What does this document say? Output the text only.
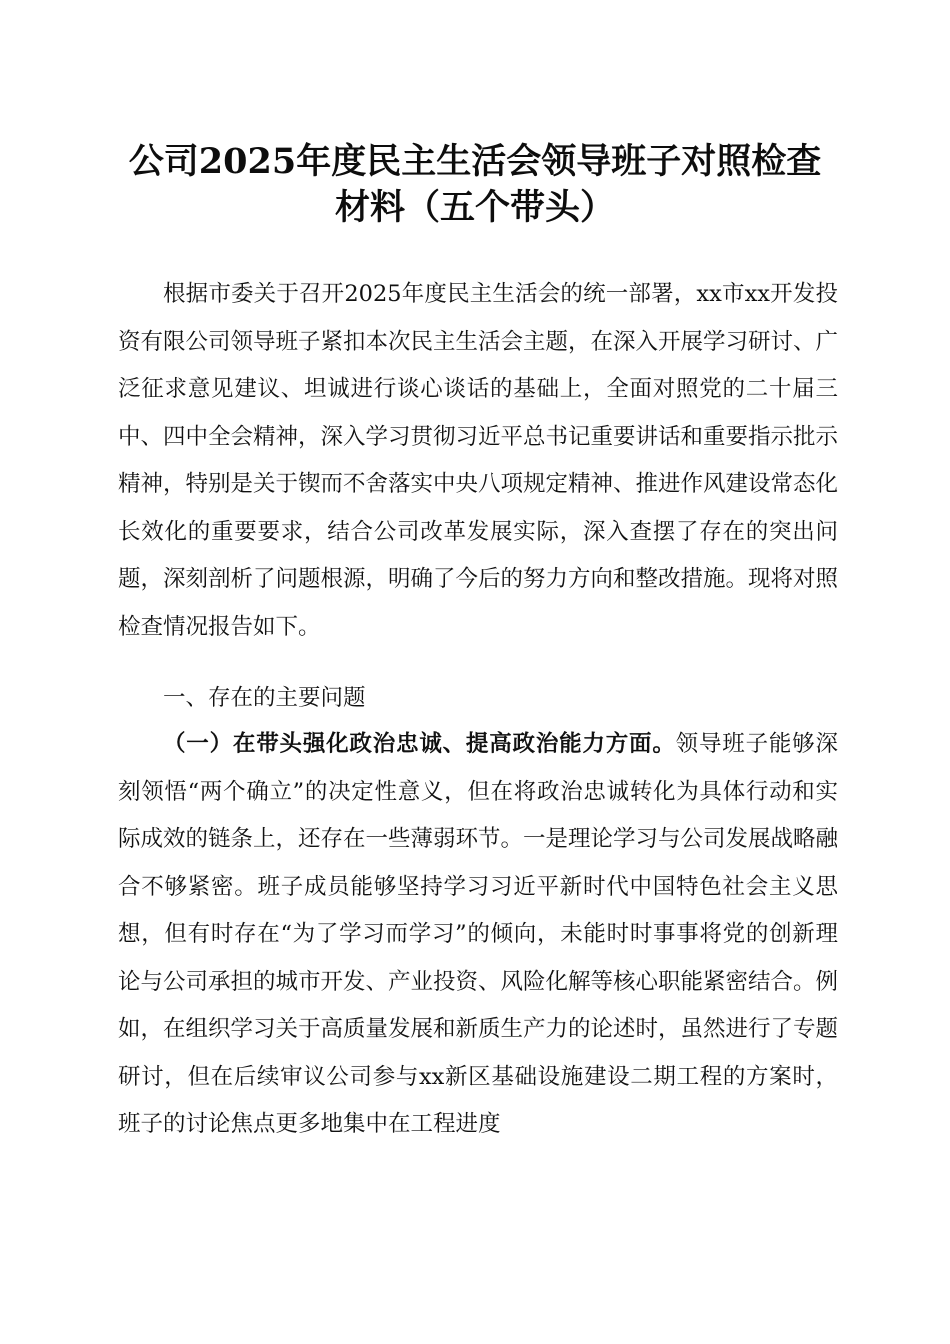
公司2025年度民主生活会领导班子对照检查
材料（五个带头）

根据市委关于召开2025年度民主生活会的统一部署，xx市xx开发投资有限公司领导班子紧扣本次民主生活会主题，在深入开展学习研讨、广泛征求意见建议、坦诚进行谈心谈话的基础上，全面对照党的二十届三中、四中全会精神，深入学习贯彻习近平总书记重要讲话和重要指示批示精神，特别是关于锲而不舍落实中央八项规定精神、推进作风建设常态化长效化的重要要求，结合公司改革发展实际，深入查摆了存在的突出问题，深刻剖析了问题根源，明确了今后的努力方向和整改措施。现将对照检查情况报告如下。

一、存在的主要问题

（一）在带头强化政治忠诚、提高政治能力方面。领导班子能够深刻领悟“两个确立”的决定性意义，但在将政治忠诚转化为具体行动和实际成效的链条上，还存在一些薄弱环节。一是理论学习与公司发展战略融合不够紧密。班子成员能够坚持学习习近平新时代中国特色社会主义思想，但有时存在“为了学习而学习”的倾向，未能时时事事将党的创新理论与公司承担的城市开发、产业投资、风险化解等核心职能紧密结合。例如，在组织学习关于高质量发展和新质生产力的论述时，虽然进行了专题研讨，但在后续审议公司参与xx新区基础设施建设二期工程的方案时，班子的讨论焦点更多地集中在工程进度
